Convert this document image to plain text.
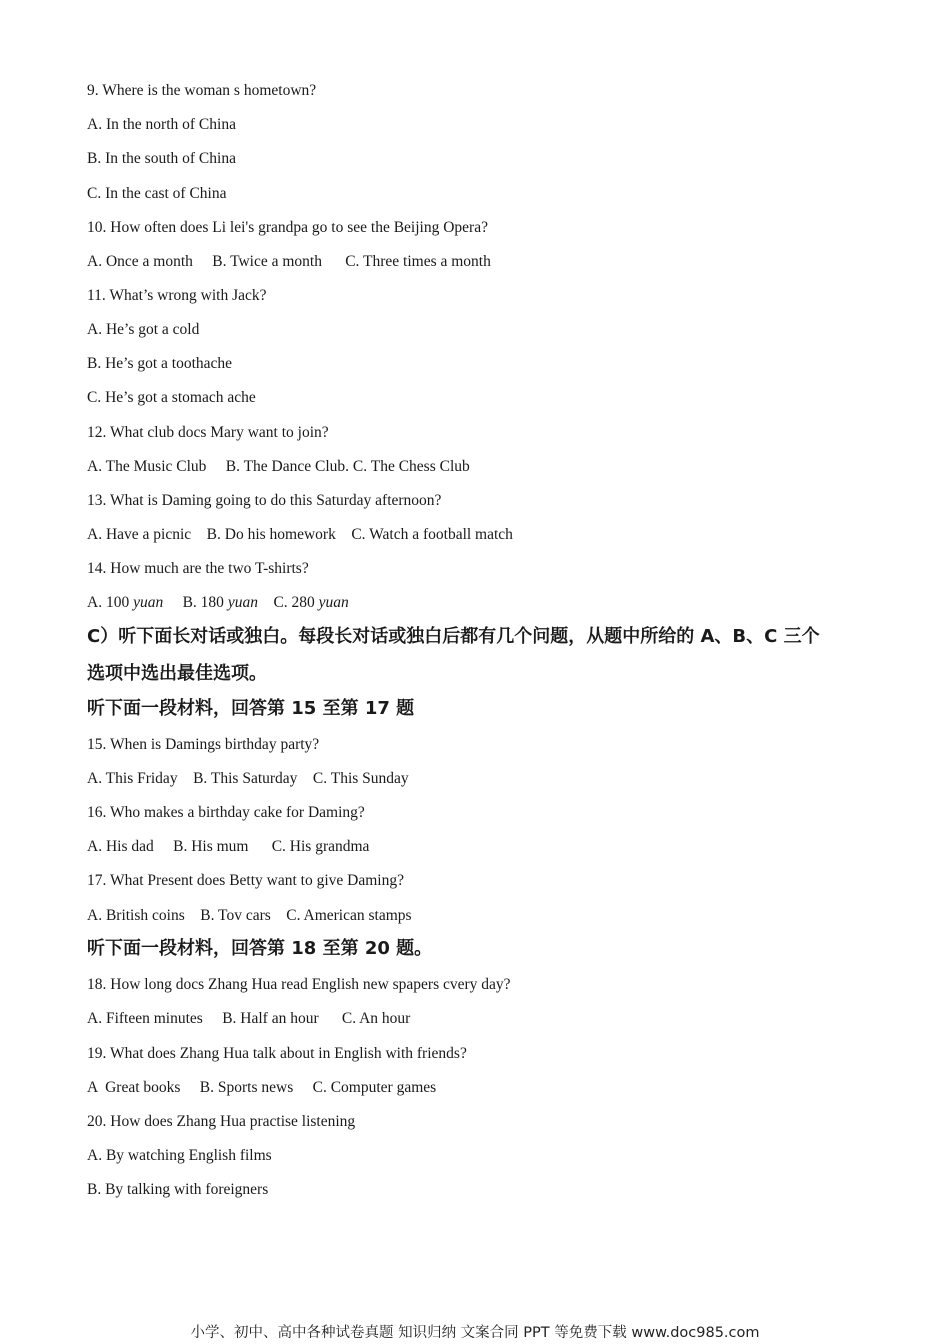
9. Where is the woman s hometown?

A. In the north of China

B. In the south of China

C. In the cast of China

10. How often does Li lei's grandpa go to see the Beijing Opera?

A. Once a month B. Twice a month C. Three times a month

11. What’s wrong with Jack?

A. He’s got a cold

B. He’s got a toothache

C. He’s got a stomach ache

12. What club docs Mary want to join?

A. The Music Club B. The Dance Club. C. The Chess Club

13. What is Daming going to do this Saturday afternoon?

A. Have a picnic B. Do his homework C. Watch a football match

14. How much are the two T-shirts?

A. 100 yuan B. 180 yuan C. 280 yuan

C）听下面长对话或独白。每段长对话或独白后都有几个问题，从题中所给的 A、B、C 三个

选项中选出最佳选项。

听下面一段材料，回答第 15 至第 17 题

15. When is Damings birthday party?

A. This Friday B. This Saturday C. This Sunday

16. Who makes a birthday cake for Daming?

A. His dad B. His mum C. His grandma

17. What Present does Betty want to give Daming?

A. British coins B. Tov cars C. American stamps

听下面一段材料，回答第 18 至第 20 题。

18. How long docs Zhang Hua read English new spapers cvery day?

A. Fifteen minutes B. Half an hour C. An hour

19. What does Zhang Hua talk about in English with friends?

A  Great books B. Sports news C. Computer games

20. How does Zhang Hua practise listening

A. By watching English films

B. By talking with foreigners

小学、初中、高中各种试卷真题 知识归纳 文案合同 PPT 等免费下载 www.doc985.com
